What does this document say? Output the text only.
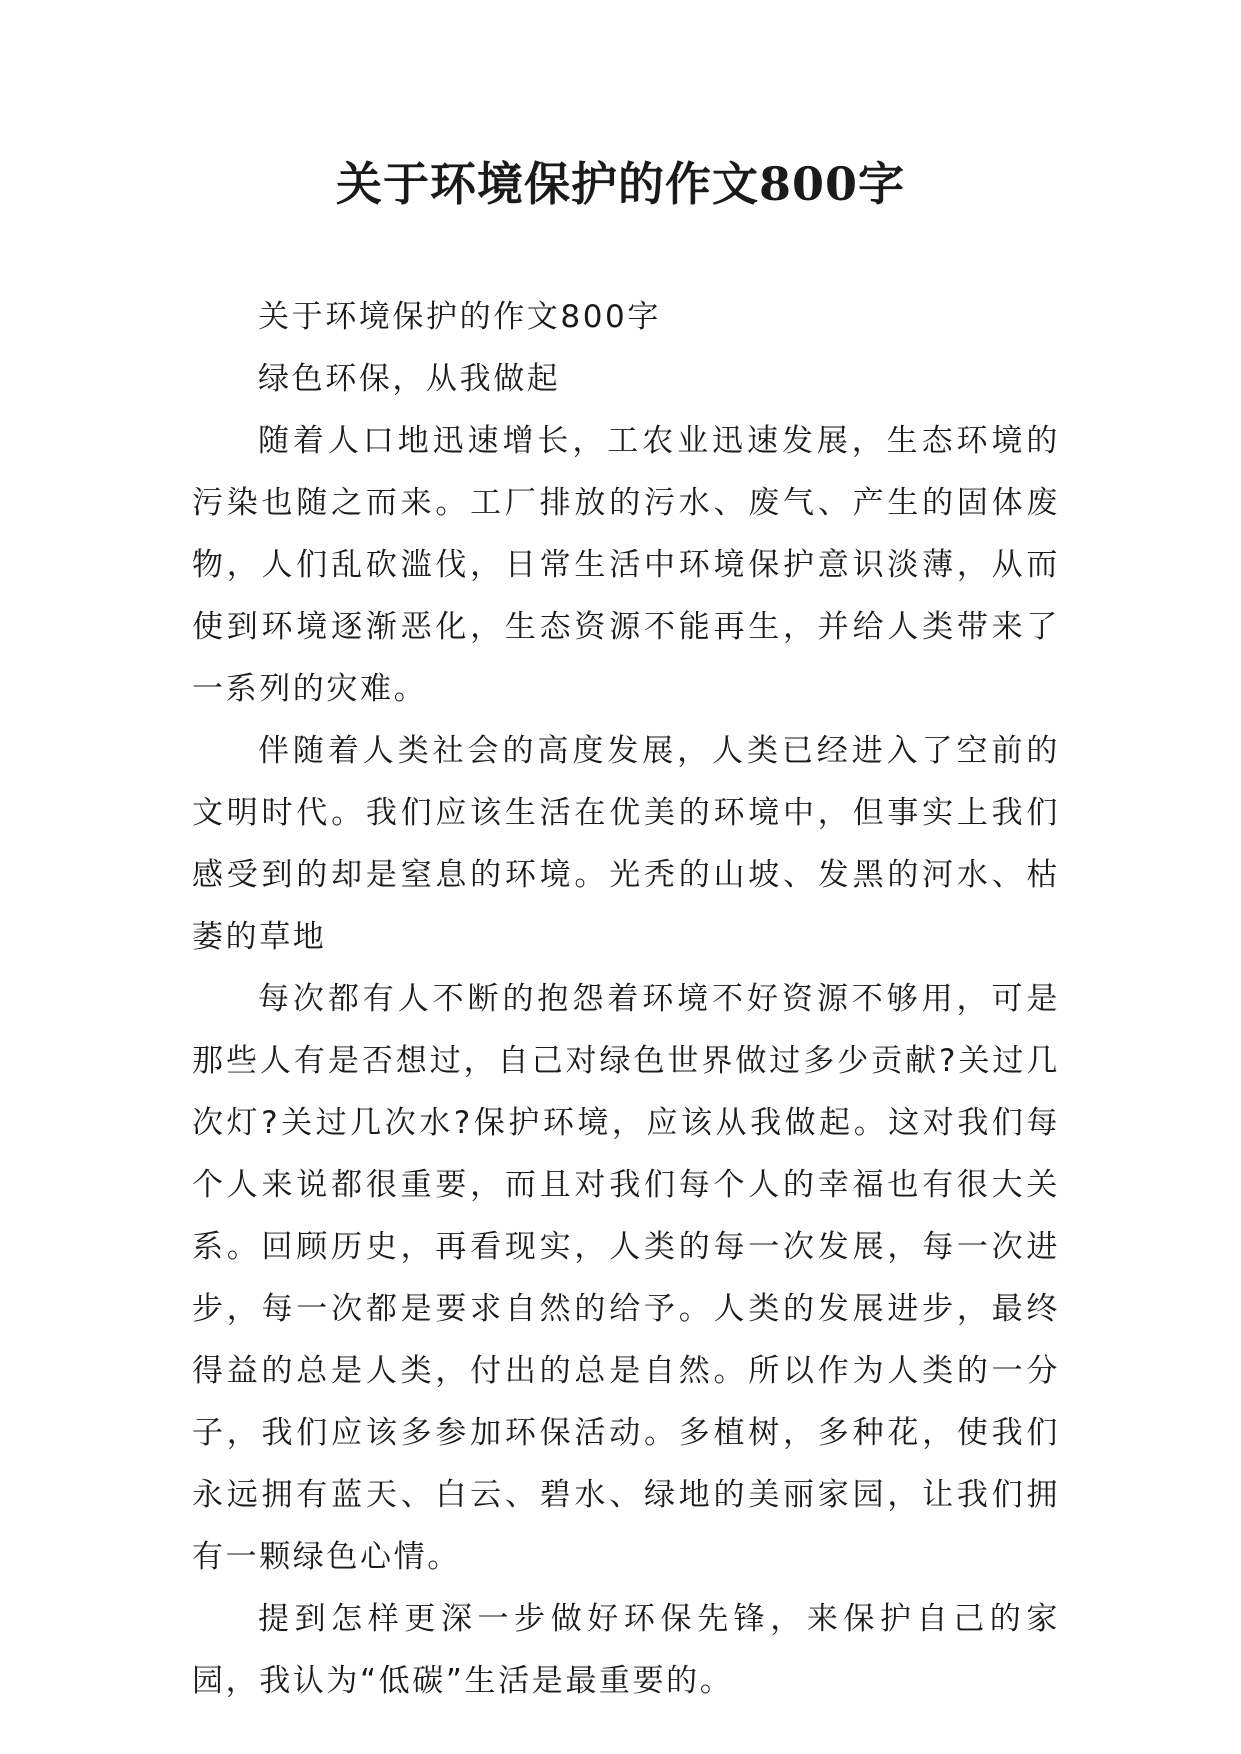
关于环境保护的作文800字

关于环境保护的作文800字

绿色环保，从我做起

随着人口地迅速增长，工农业迅速发展，生态环境的污染也随之而来。工厂排放的污水、废气、产生的固体废物，人们乱砍滥伐，日常生活中环境保护意识淡薄，从而使到环境逐渐恶化，生态资源不能再生，并给人类带来了一系列的灾难。

伴随着人类社会的高度发展，人类已经进入了空前的文明时代。我们应该生活在优美的环境中，但事实上我们感受到的却是窒息的环境。光秃的山坡、发黑的河水、枯萎的草地

每次都有人不断的抱怨着环境不好资源不够用，可是那些人有是否想过，自己对绿色世界做过多少贡献?关过几次灯?关过几次水?保护环境，应该从我做起。这对我们每个人来说都很重要，而且对我们每个人的幸福也有很大关系。回顾历史，再看现实，人类的每一次发展，每一次进步，每一次都是要求自然的给予。人类的发展进步，最终得益的总是人类，付出的总是自然。所以作为人类的一分子，我们应该多参加环保活动。多植树，多种花，使我们永远拥有蓝天、白云、碧水、绿地的美丽家园，让我们拥有一颗绿色心情。

提到怎样更深一步做好环保先锋，来保护自己的家园，我认为“低碳”生活是最重要的。
